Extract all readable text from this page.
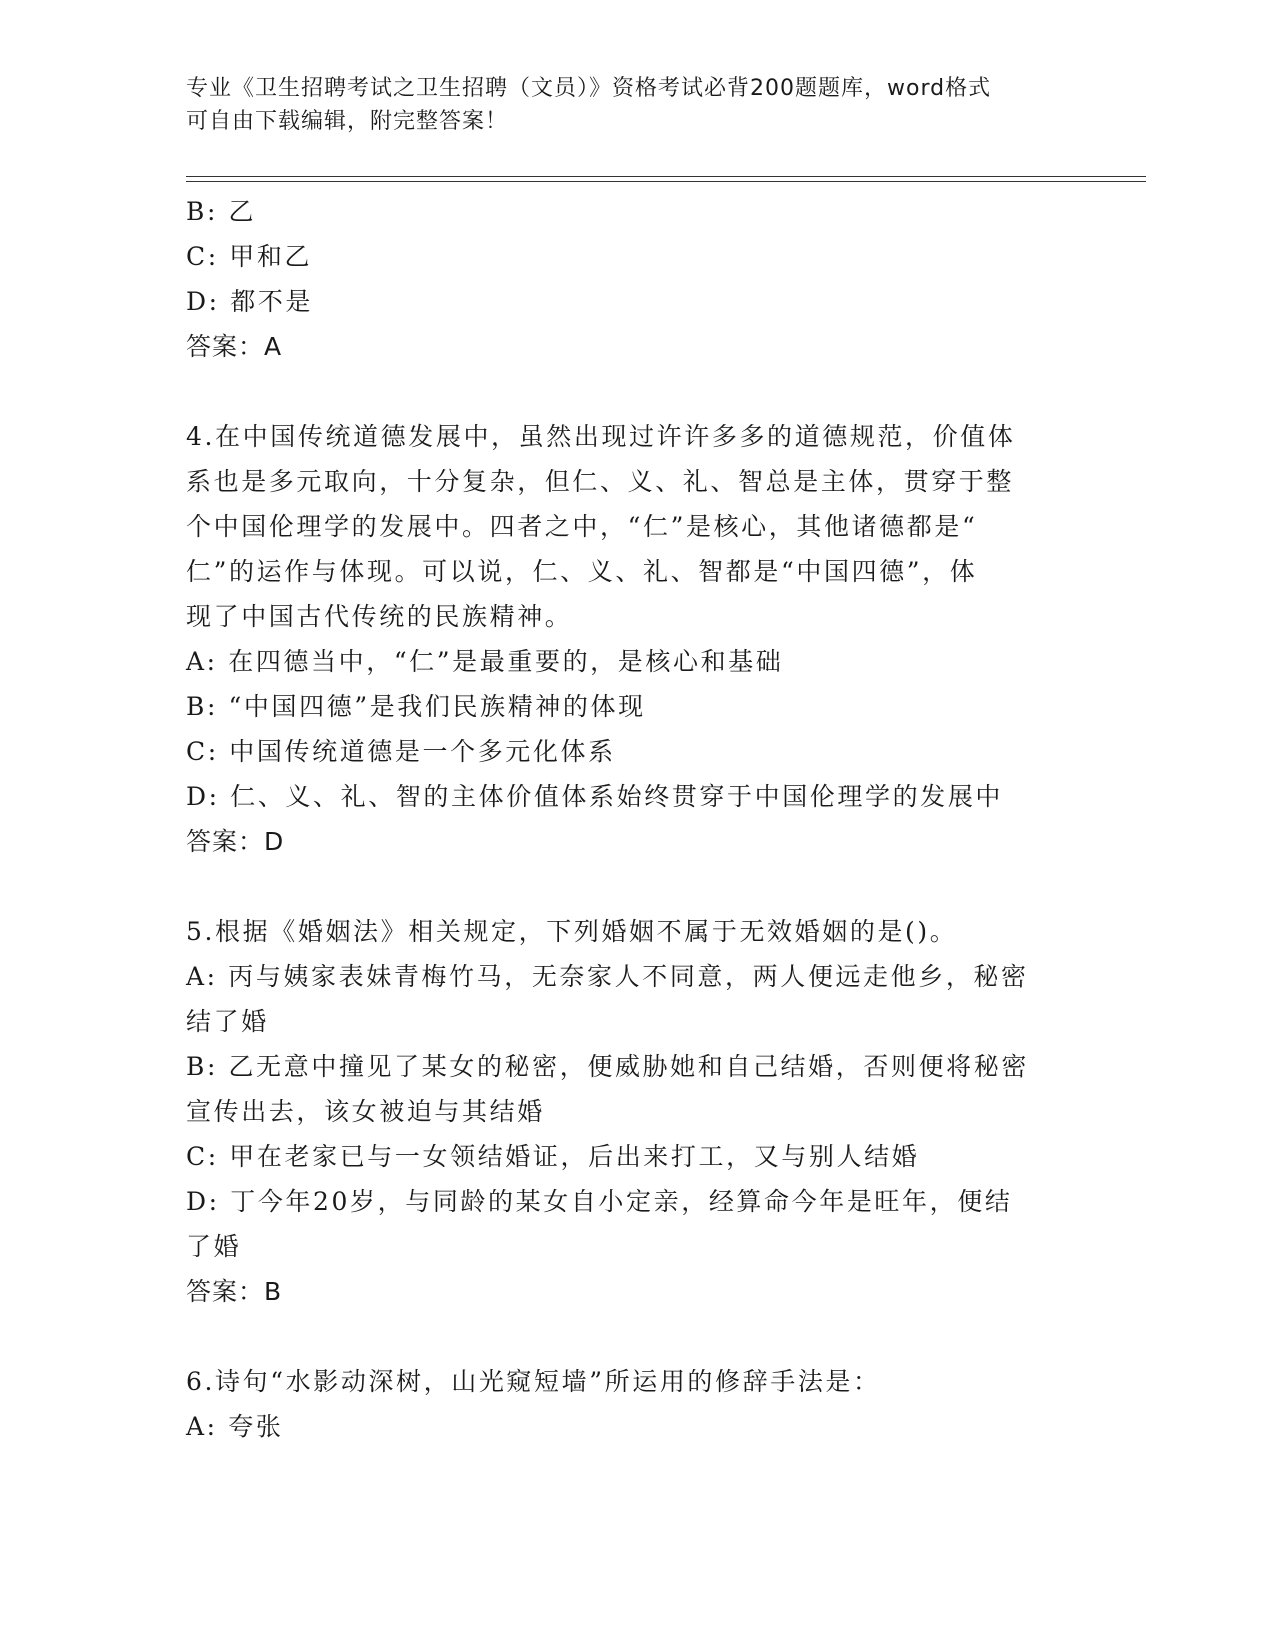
专业《卫生招聘考试之卫生招聘（文员）》资格考试必背200题题库，word格式
可自由下载编辑，附完整答案！
B: 乙
C: 甲和乙
D: 都不是
答案：A
4.在中国传统道德发展中，虽然出现过许许多多的道德规范，价值体
系也是多元取向，十分复杂，但仁、义、礼、智总是主体，贯穿于整
个中国伦理学的发展中。四者之中，“仁”是核心，其他诸德都是“
仁”的运作与体现。可以说，仁、义、礼、智都是“中国四德”，体
现了中国古代传统的民族精神。
A: 在四德当中，“仁”是最重要的，是核心和基础
B: “中国四德”是我们民族精神的体现
C: 中国传统道德是一个多元化体系
D: 仁、义、礼、智的主体价值体系始终贯穿于中国伦理学的发展中
答案：D
5.根据《婚姻法》相关规定，下列婚姻不属于无效婚姻的是()。
A: 丙与姨家表妹青梅竹马，无奈家人不同意，两人便远走他乡，秘密
结了婚
B: 乙无意中撞见了某女的秘密，便威胁她和自己结婚，否则便将秘密
宣传出去，该女被迫与其结婚
C: 甲在老家已与一女领结婚证，后出来打工，又与别人结婚
D: 丁今年20岁，与同龄的某女自小定亲，经算命今年是旺年，便结
了婚
答案：B
6.诗句“水影动深树，山光窥短墙”所运用的修辞手法是：
A: 夸张
